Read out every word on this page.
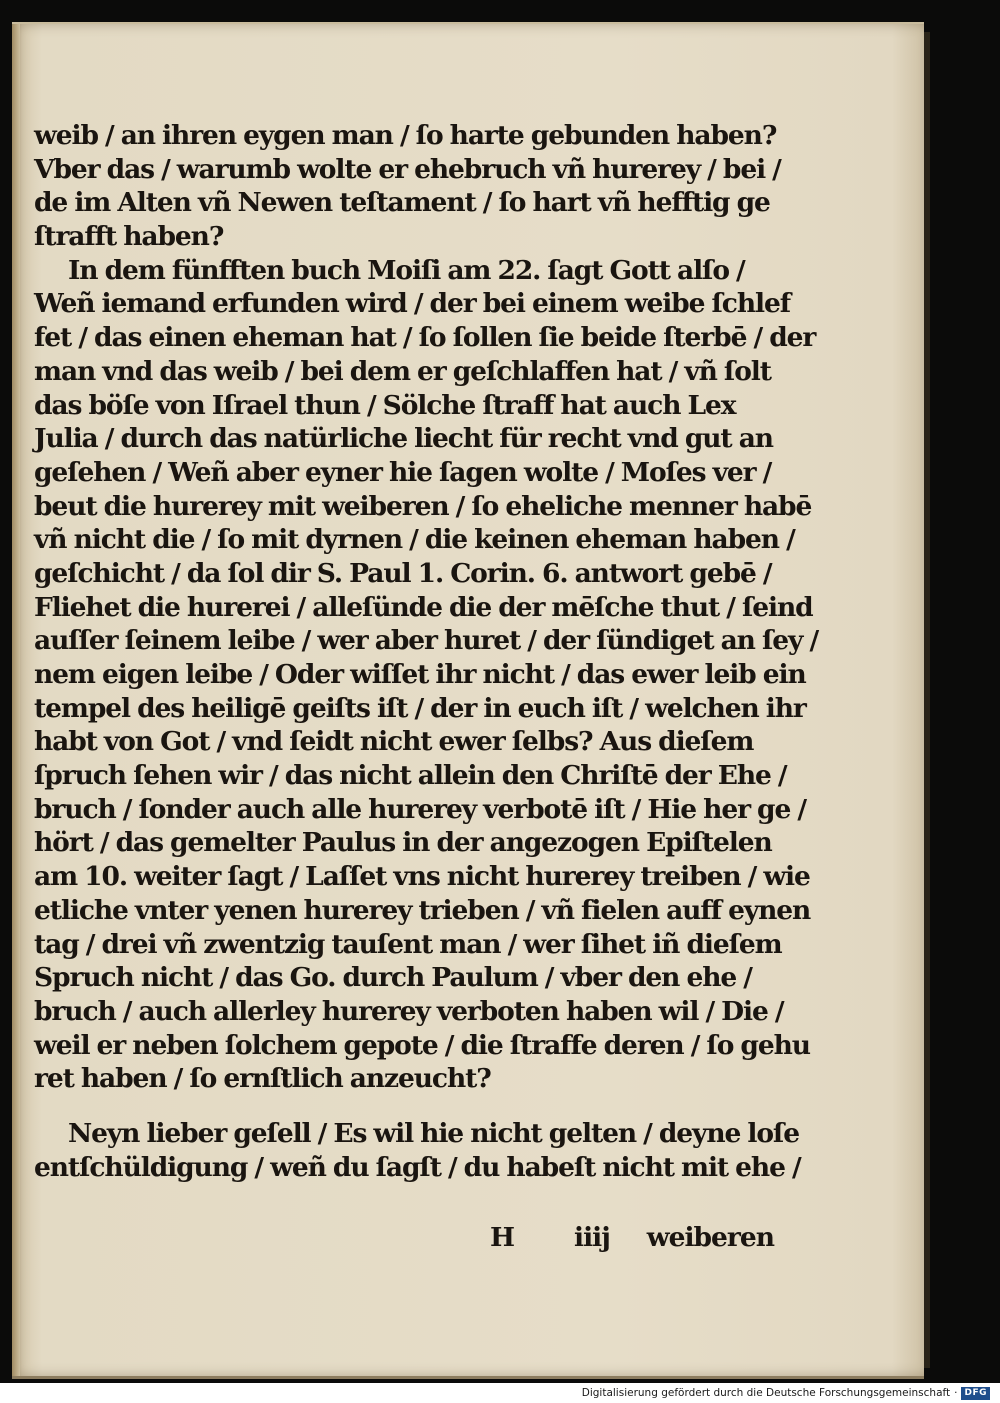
weib / an ihren eygen man / ſo harte gebunden haben?
Vber das / warumb wolte er ehebruch vñ hurerey / bei /
de im Alten vñ Newen teſtament / ſo hart vñ hefftig ge
ſtrafft haben?
In dem fünfften buch Moiſi am 22. ſagt Gott alſo /
Weñ iemand erfunden wird / der bei einem weibe ſchlef
fet / das einen eheman hat / ſo ſollen ſie beide ſterbē / der
man vnd das weib / bei dem er geſchlaffen hat / vñ ſolt
das böſe von Iſrael thun / Sölche ſtraff hat auch Lex
Julia / durch das natürliche liecht für recht vnd gut an
geſehen / Weñ aber eyner hie ſagen wolte / Moſes ver /
beut die hurerey mit weiberen / ſo eheliche menner habē
vñ nicht die / ſo mit dyrnen / die keinen eheman haben /
geſchicht / da ſol dir S. Paul 1. Corin. 6. antwort gebē /
Fliehet die hurerei / alleſünde die der mēſche thut / ſeind
auſſer ſeinem leibe / wer aber huret / der ſündiget an ſey /
nem eigen leibe / Oder wiſſet ihr nicht / das ewer leib ein
tempel des heiligē geiſts iſt / der in euch iſt / welchen ihr
habt von Got / vnd ſeidt nicht ewer ſelbs? Aus dieſem
ſpruch ſehen wir / das nicht allein den Chriſtē der Ehe /
bruch / ſonder auch alle hurerey verbotē iſt / Hie her ge /
hört / das gemelter Paulus in der angezogen Epiſtelen
am 10. weiter ſagt / Laſſet vns nicht hurerey treiben / wie
etliche vnter yenen hurerey trieben / vñ fielen auff eynen
tag / drei vñ zwentzig tauſent man / wer ſihet iñ dieſem
Spruch nicht / das Go. durch Paulum / vber den ehe /
bruch / auch allerley hurerey verboten haben wil / Die /
weil er neben ſolchem gepote / die ſtraffe deren / ſo gehu
ret haben / ſo ernſtlich anzeucht?
Neyn lieber geſell / Es wil hie nicht gelten / deyne loſe
entſchüldigung / weñ du ſagſt / du habeſt nicht mit ehe /
H iiij weiberen
Digitalisierung gefördert durch die Deutsche Forschungsgemeinschaft · DFG
